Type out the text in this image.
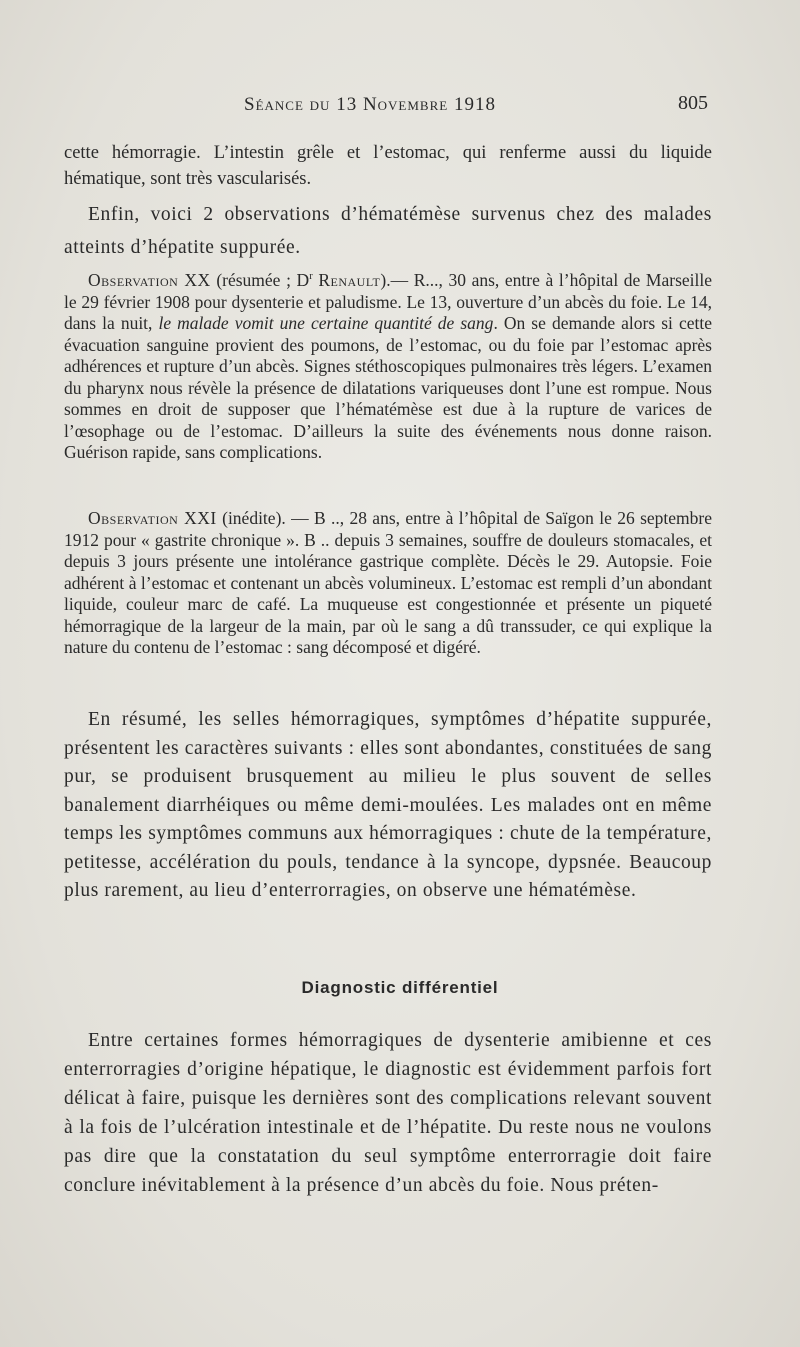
Séance du 13 Novembre 1918	805

cette hémorragie. L’intestin grêle et l’estomac, qui renferme aussi du liquide hématique, sont très vascularisés.

Enfin, voici 2 observations d’hématémèse survenus chez des malades atteints d’hépatite suppurée.

Observation XX (résumée ; $D^r$ Renault).— R..., 30 ans, entre à l’hôpital de Marseille le 29 février 1908 pour dysenterie et paludisme. Le 13, ouverture d’un abcès du foie. Le 14, dans la nuit, le malade vomit une certaine quantité de sang. On se demande alors si cette évacuation sanguine provient des poumons, de l’estomac, ou du foie par l’estomac après adhérences et rupture d’un abcès. Signes stéthoscopiques pulmonaires très légers. L’examen du pharynx nous révèle la présence de dilatations variqueuses dont l’une est rompue. Nous sommes en droit de supposer que l’hématémèse est due à la rupture de varices de l’œsophage ou de l’estomac. D’ailleurs la suite des événements nous donne raison. Guérison rapide, sans complications.

Observation XXI (inédite). — B .., 28 ans, entre à l’hôpital de Saïgon le 26 septembre 1912 pour « gastrite chronique ». B .. depuis 3 semaines, souffre de douleurs stomacales, et depuis 3 jours présente une intolérance gastrique complète. Décès le 29. Autopsie. Foie adhérent à l’estomac et contenant un abcès volumineux. L’estomac est rempli d’un abondant liquide, couleur marc de café. La muqueuse est congestionnée et présente un piqueté hémorragique de la largeur de la main, par où le sang a dû transsuder, ce qui explique la nature du contenu de l’estomac : sang décomposé et digéré.

En résumé, les selles hémorragiques, symptômes d’hépatite suppurée, présentent les caractères suivants : elles sont abondantes, constituées de sang pur, se produisent brusquement au milieu le plus souvent de selles banalement diarrhéiques ou même demi-moulées. Les malades ont en même temps les symptômes communs aux hémorragiques : chute de la température, petitesse, accélération du pouls, tendance à la syncope, dypsnée. Beaucoup plus rarement, au lieu d’enterrorragies, on observe une hématémèse.

Diagnostic différentiel

Entre certaines formes hémorragiques de dysenterie amibienne et ces enterrorragies d’origine hépatique, le diagnostic est évidemment parfois fort délicat à faire, puisque les dernières sont des complications relevant souvent à la fois de l’ulcération intestinale et de l’hépatite. Du reste nous ne voulons pas dire que la constatation du seul symptôme enterrorragie doit faire conclure inévitablement à la présence d’un abcès du foie. Nous préten-
